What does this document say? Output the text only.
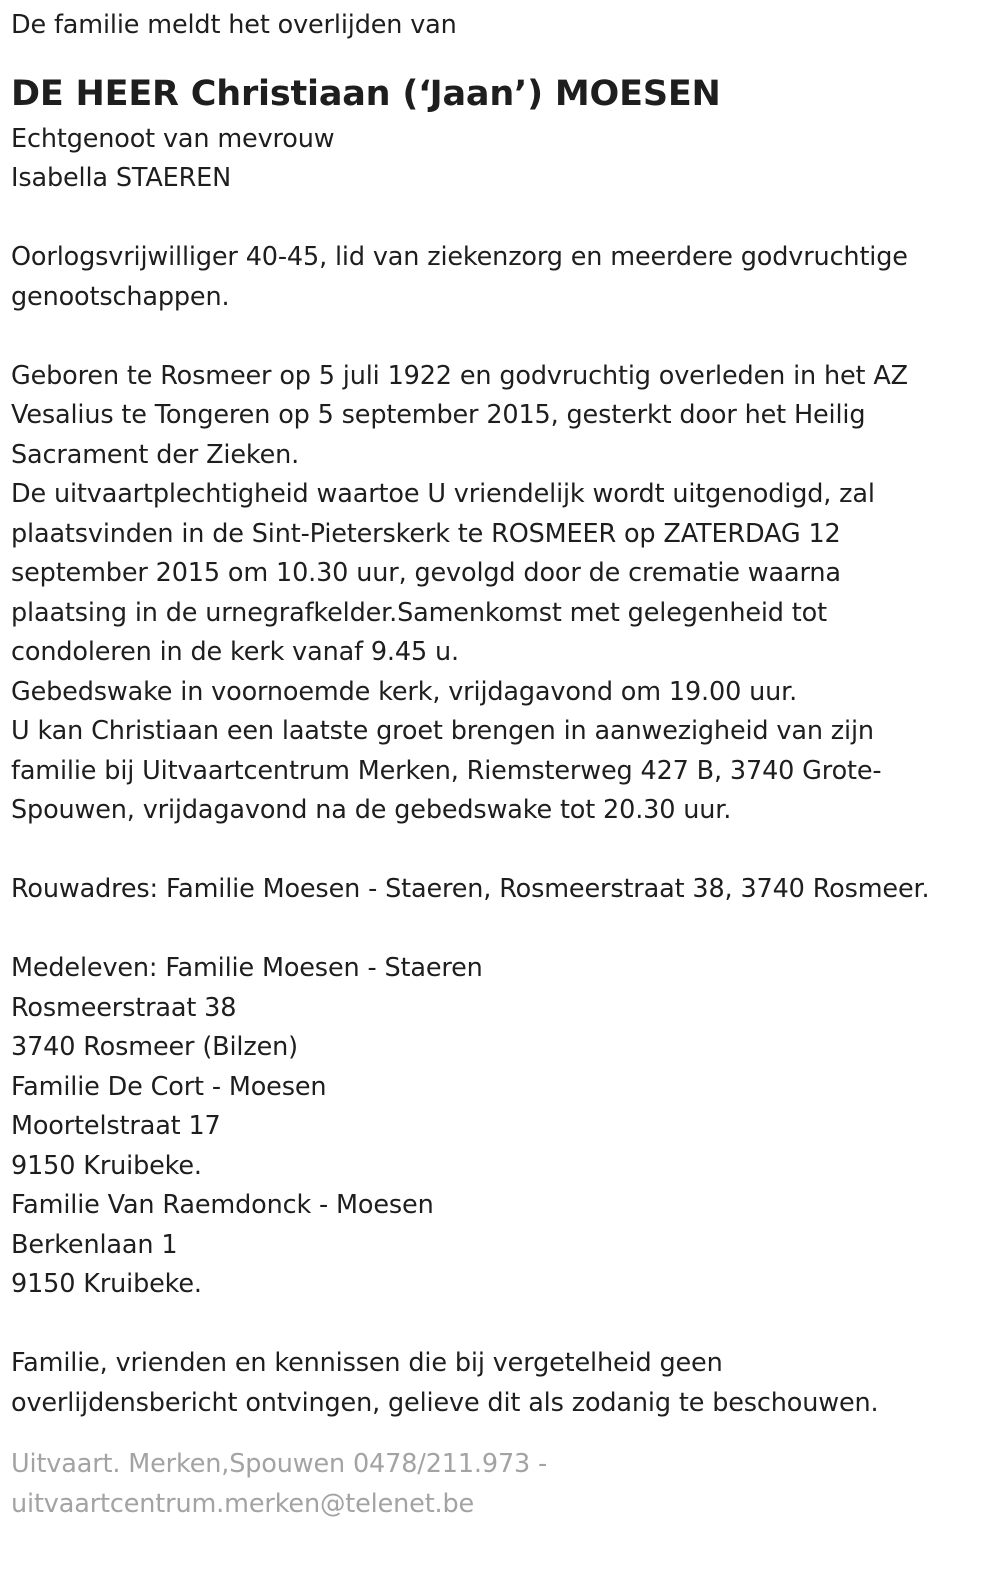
De familie meldt het overlijden van
DE HEER Christiaan (‘Jaan’) MOESEN
Echtgenoot van mevrouw
Isabella STAEREN
Oorlogsvrijwilliger 40-45, lid van ziekenzorg en meerdere godvruchtige
genootschappen.
Geboren te Rosmeer op 5 juli 1922 en godvruchtig overleden in het AZ
Vesalius te Tongeren op 5 september 2015, gesterkt door het Heilig
Sacrament der Zieken.
De uitvaartplechtigheid waartoe U vriendelijk wordt uitgenodigd, zal
plaatsvinden in de Sint-Pieterskerk te ROSMEER op ZATERDAG 12
september 2015 om 10.30 uur, gevolgd door de crematie waarna
plaatsing in de urnegrafkelder.Samenkomst met gelegenheid tot
condoleren in de kerk vanaf 9.45 u.
Gebedswake in voornoemde kerk, vrijdagavond om 19.00 uur.
U kan Christiaan een laatste groet brengen in aanwezigheid van zijn
familie bij Uitvaartcentrum Merken, Riemsterweg 427 B, 3740 Grote-
Spouwen, vrijdagavond na de gebedswake tot 20.30 uur.
Rouwadres: Familie Moesen - Staeren, Rosmeerstraat 38, 3740 Rosmeer.
Medeleven: Familie Moesen - Staeren
Rosmeerstraat 38
3740 Rosmeer (Bilzen)
Familie De Cort - Moesen
Moortelstraat 17
9150 Kruibeke.
Familie Van Raemdonck - Moesen
Berkenlaan 1
9150 Kruibeke.
Familie, vrienden en kennissen die bij vergetelheid geen
overlijdensbericht ontvingen, gelieve dit als zodanig te beschouwen.
Uitvaart. Merken,Spouwen 0478/211.973 -
uitvaartcentrum.merken@telenet.be
